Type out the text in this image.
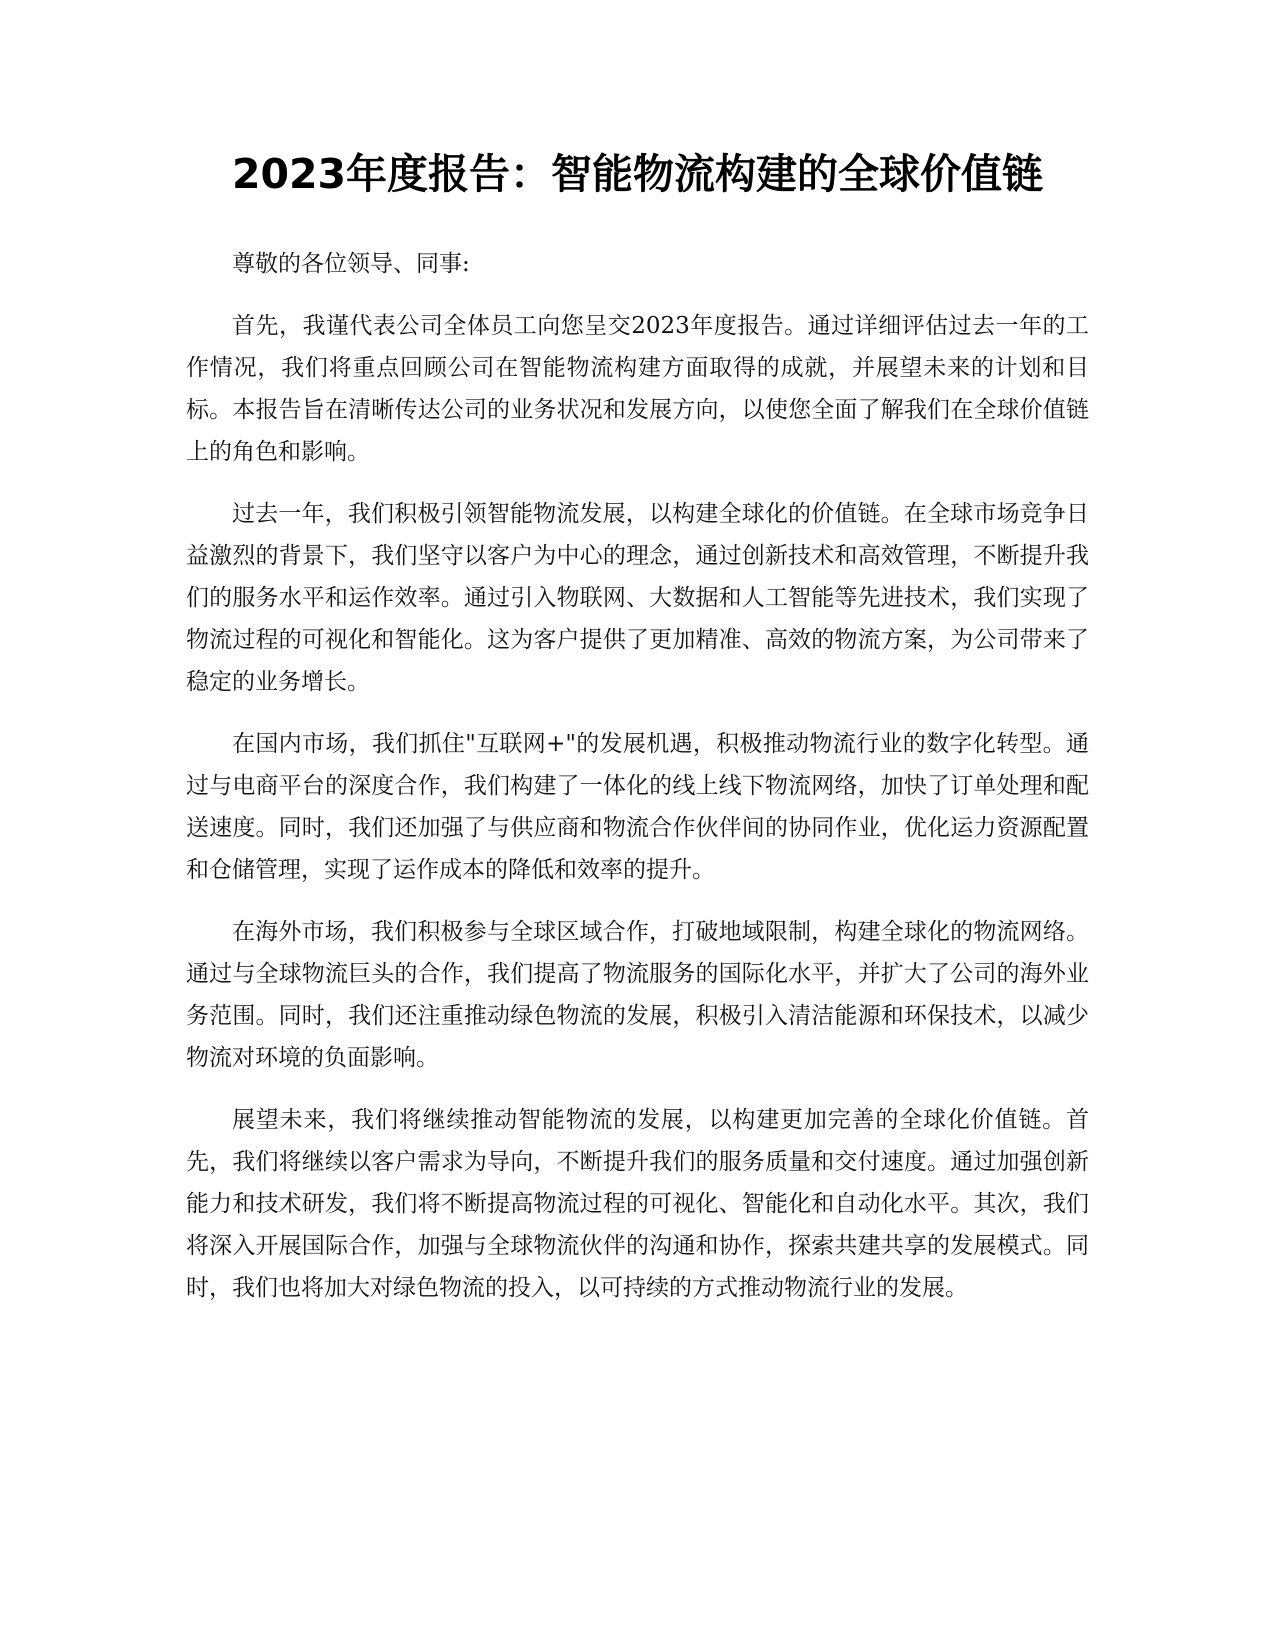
2023年度报告：智能物流构建的全球价值链

尊敬的各位领导、同事:

首先，我谨代表公司全体员工向您呈交2023年度报告。通过详细评估过去一年的工作情况，我们将重点回顾公司在智能物流构建方面取得的成就，并展望未来的计划和目标。本报告旨在清晰传达公司的业务状况和发展方向，以使您全面了解我们在全球价值链上的角色和影响。

过去一年，我们积极引领智能物流发展，以构建全球化的价值链。在全球市场竞争日益激烈的背景下，我们坚守以客户为中心的理念，通过创新技术和高效管理，不断提升我们的服务水平和运作效率。通过引入物联网、大数据和人工智能等先进技术，我们实现了物流过程的可视化和智能化。这为客户提供了更加精准、高效的物流方案，为公司带来了稳定的业务增长。

在国内市场，我们抓住"互联网+"的发展机遇，积极推动物流行业的数字化转型。通过与电商平台的深度合作，我们构建了一体化的线上线下物流网络，加快了订单处理和配送速度。同时，我们还加强了与供应商和物流合作伙伴间的协同作业，优化运力资源配置和仓储管理，实现了运作成本的降低和效率的提升。

在海外市场，我们积极参与全球区域合作，打破地域限制，构建全球化的物流网络。通过与全球物流巨头的合作，我们提高了物流服务的国际化水平，并扩大了公司的海外业务范围。同时，我们还注重推动绿色物流的发展，积极引入清洁能源和环保技术，以减少物流对环境的负面影响。

展望未来，我们将继续推动智能物流的发展，以构建更加完善的全球化价值链。首先，我们将继续以客户需求为导向，不断提升我们的服务质量和交付速度。通过加强创新能力和技术研发，我们将不断提高物流过程的可视化、智能化和自动化水平。其次，我们将深入开展国际合作，加强与全球物流伙伴的沟通和协作，探索共建共享的发展模式。同时，我们也将加大对绿色物流的投入，以可持续的方式推动物流行业的发展。
